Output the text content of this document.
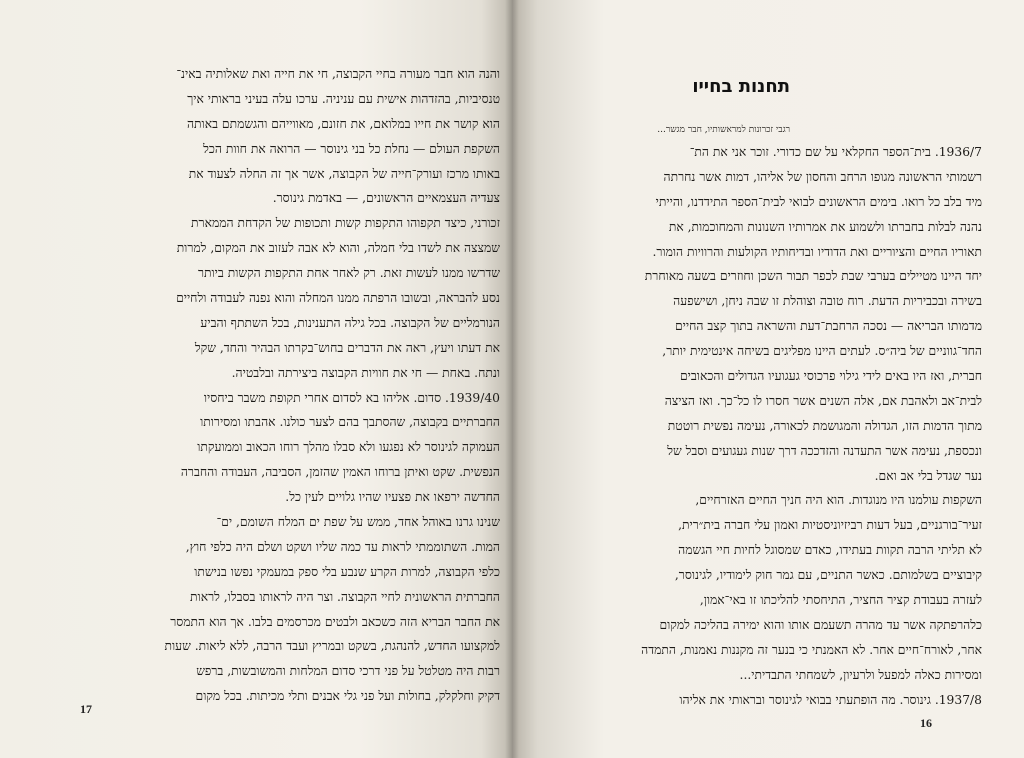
והנה הוא חבר מעורה בחיי הקבוצה, חי את חייה ואת שאלותיה באינ־
טנסיביות, בהזדהות אישית עם עניניה. ערכו עלה בעיני בראותי איך
הוא קושר את חייו במלואם, את חזונם, מאווייהם והגשמתם באותה
השקפת העולם — נחלת כל בני גינוסר — הרואה את חוות הכל
באותו מרכז ועורק־חייה של הקבוצה, אשר אך זה החלה לצעוד את
צעדיה העצמאיים הראשונים, — באדמת גינוסר.
זכורני, כיצד תקפוהו התקפות קשות ותכופות של הקדחת הממארת
שמצצה את לשדו בלי חמלה, והוא לא אבה לעזוב את המקום, למרות
שדרשו ממנו לעשות זאת. רק לאחר אחת התקפות הקשות ביותר
נסע להבראה, ובשובו הרפתה ממנו המחלה והוא נפנה לעבודה ולחיים
הנורמליים של הקבוצה. בכל גילה התענינות, בכל השתתף והביע
את דעתו ויעץ, ראה את הדברים בחוש־בקרתו הבהיר והחד, שקל
ונתח. באחת — חי את חוויות הקבוצה ביצירתה ובלבטיה.
1939/40. סדום. אליהו בא לסדום אחרי תקופת משבר ביחסיו
החברתיים בקבוצה, שהסתבך בהם לצער כולנו. אהבתו ומסירותו
העמוקה לגינוסר לא נפגעו ולא סבלו מהלך רוחו הכאוב וממועקתו
הנפשית. שקט ואיתן ברוחו האמין שהזמן, הסביבה, העבודה והחברה
החדשה ירפאו את פצעיו שהיו גלויים לעין כל.
שנינו גרנו באוהל אחד, ממש על שפת ים המלח השומם, ים־
המות. השתוממתי לראות עד כמה שליו ושקט ושלם היה כלפי חוץ,
כלפי הקבוצה, למרות הקרע שנבע בלי ספק במעמקי נפשו בנישתו
החברתית הראשונית לחיי הקבוצה. וצר היה לראותו בסבלו, לראות
את החבר הבריא הזה כשכאב ולבטים מכרסמים בלבו. אך הוא התמסר
למקצועו החדש, להנהגת, בשקט ובמריץ ועבד הרבה, ללא ליאות. שעות
רבות היה מטלטל על פני דרכי סדום המלחות והמשובשות, ברפש
דקיק וחלקלק, בחולות ועל פני גלי אבנים ותלי מכיתות. בכל מקום
17
1936/7. בית־הספר החקלאי על שם כדורי. זוכר אני את הת־
רשמותי הראשונה מגופו הרחב והחסון של אליהו, דמות אשר נחרתה
מיד בלב כל רואו. בימים הראשונים לבואי לבית־הספר התידדנו, והייתי
נהנה לבלות בחברתו ולשמוע את אמרותיו השנונות והמחוכמות, את
תאוריו החיים והציוריים ואת הדודיו ובדיחותיו הקולעות והרוויות הומור.
יחד היינו מטיילים בערבי שבת לכפר תבור השכן וחוזרים בשעה מאוחרת
בשירה ובכביריות הדעת. רוח טובה וצוהלת זו שבה ניחן, ושישפעה
מדמותו הבריאה — נסכה הרחבת־דעת והשראה בתוך קצב החיים
החד־גווניים של ביה״ס. לעתים היינו מפליגים בשיחה אינטימית יותר,
חברית, ואז היו באים לידי גילוי פרכוסי געגועיו הגדולים והכאובים
לבית־אב ולאהבת אם, אלה השנים אשר חסרו לו כל־כך. ואז הציצה
מתוך הדמות הזו, הגדולה והמגושמת לכאורה, נעימה נפשית רוטטת
ונכספת, נעימה אשר התעדנה והזדככה דרך שנות געגועים וסבל של
נער שגדל בלי אב ואם.
השקפות עולמנו היו מנוגדות. הוא היה חניך החיים האזרחיים,
זעיר־בורגניים, בעל דעות רביזיוניסטיות ואמון עלי חברה בית״רית,
לא תליתי הרבה תקוות בעתידו, כאדם שמסוגל לחיות חיי הגשמה
קיבוציים בשלמותם. כאשר התניים, עם גמר חוק לימודיו, לגינוסר,
לעזרה בעבודת קציר החציר, התיחסתי להליכתו זו באי־אמון,
כלהרפתקה אשר עד מהרה תשעמם אותו והוא ימירה בהליכה למקום
אחר, לאורח־חיים אחר. לא האמנתי כי בנער זה מקננות נאמנות, התמדה
ומסירות כאלה למפעל ולרעיון, לשמחתי התבדיתי...
1937/8. גינוסר. מה הופתעתי בבואי לגינוסר ובראותי את אליהו
תחנות בחייו
רגבי זכרונות למראשותיו, חבר מגשר...
16
